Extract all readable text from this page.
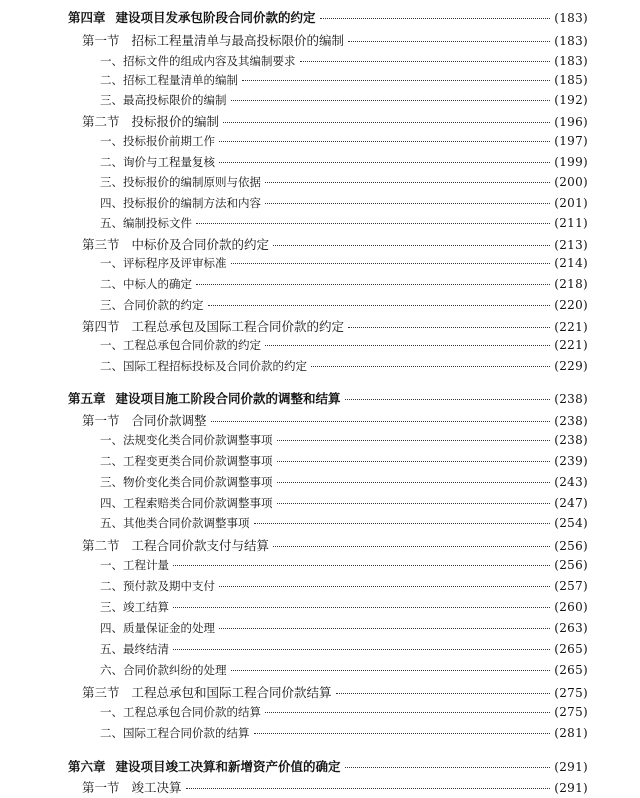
第四章 建设项目发承包阶段合同价款的约定	(183)
第一节 招标工程量清单与最高投标限价的编制	(183)
一、招标文件的组成内容及其编制要求	(183)
二、招标工程量清单的编制	(185)
三、最高投标限价的编制	(192)
第二节 投标报价的编制	(196)
一、投标报价前期工作	(197)
二、询价与工程量复核	(199)
三、投标报价的编制原则与依据	(200)
四、投标报价的编制方法和内容	(201)
五、编制投标文件	(211)
第三节 中标价及合同价款的约定	(213)
一、评标程序及评审标准	(214)
二、中标人的确定	(218)
三、合同价款的约定	(220)
第四节 工程总承包及国际工程合同价款的约定	(221)
一、工程总承包合同价款的约定	(221)
二、国际工程招标投标及合同价款的约定	(229)
第五章 建设项目施工阶段合同价款的调整和结算	(238)
第一节 合同价款调整	(238)
一、法规变化类合同价款调整事项	(238)
二、工程变更类合同价款调整事项	(239)
三、物价变化类合同价款调整事项	(243)
四、工程索赔类合同价款调整事项	(247)
五、其他类合同价款调整事项	(254)
第二节 工程合同价款支付与结算	(256)
一、工程计量	(256)
二、预付款及期中支付	(257)
三、竣工结算	(260)
四、质量保证金的处理	(263)
五、最终结清	(265)
六、合同价款纠纷的处理	(265)
第三节 工程总承包和国际工程合同价款结算	(275)
一、工程总承包合同价款的结算	(275)
二、国际工程合同价款的结算	(281)
第六章 建设项目竣工决算和新增资产价值的确定	(291)
第一节 竣工决算	(291)
